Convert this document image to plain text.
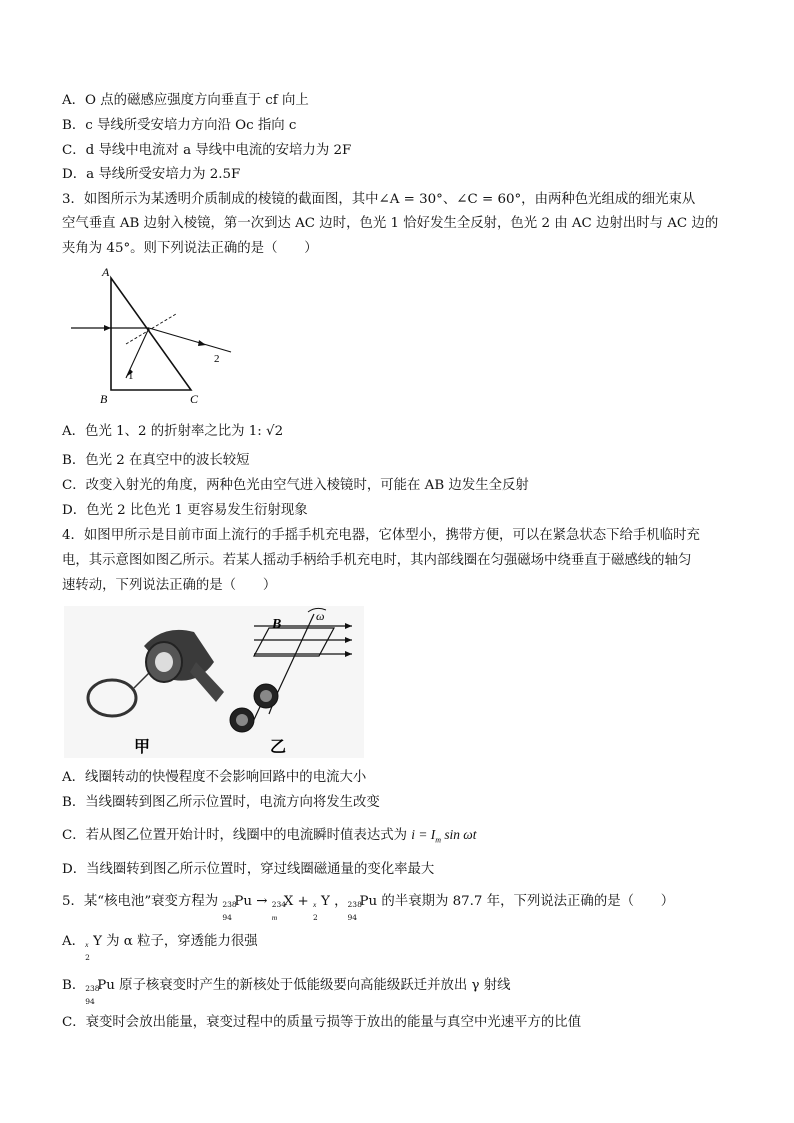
A．O 点的磁感应强度方向垂直于 cf 向上
B．c 导线所受安培力方向沿 Oc 指向 c
C．d 导线中电流对 a 导线中电流的安培力为 2F
D．a 导线所受安培力为 2.5F
3．如图所示为某透明介质制成的棱镜的截面图，其中∠A = 30°、∠C = 60°，由两种色光组成的细光束从
空气垂直 AB 边射入棱镜，第一次到达 AC 边时，色光 1 恰好发生全反射，色光 2 由 AC 边射出时与 AC 边的
夹角为 45°。则下列说法正确的是（　　）
A
B	C
1
2
A．色光 1、2 的折射率之比为 1: √2
B．色光 2 在真空中的波长较短
C．改变入射光的角度，两种色光由空气进入棱镜时，可能在 AB 边发生全反射
D．色光 2 比色光 1 更容易发生衍射现象
4．如图甲所示是目前市面上流行的手摇手机充电器，它体型小，携带方便，可以在紧急状态下给手机临时充
电，其示意图如图乙所示。若某人摇动手柄给手机充电时，其内部线圈在匀强磁场中绕垂直于磁感线的轴匀
速转动，下列说法正确的是（　　）
B
ω
甲	乙
A．线圈转动的快慢程度不会影响回路中的电流大小
B．当线圈转到图乙所示位置时，电流方向将发生改变
C．若从图乙位置开始计时，线圈中的电流瞬时值表达式为 $i = I_m$ sin ωt
D．当线圈转到图乙所示位置时，穿过线圈磁通量的变化率最大
5．某“核电池”衰变方程为 238
94
Pu → 234
m
X + x
2
Y ， 238
94
Pu 的半衰期为 87.7 年，下列说法正确的是（　　）
A． x
2
Y 为 α 粒子，穿透能力很强
B． 238
94
Pu 原子核衰变时产生的新核处于低能级要向高能级跃迁并放出 γ 射线
C．衰变时会放出能量，衰变过程中的质量亏损等于放出的能量与真空中光速平方的比值
